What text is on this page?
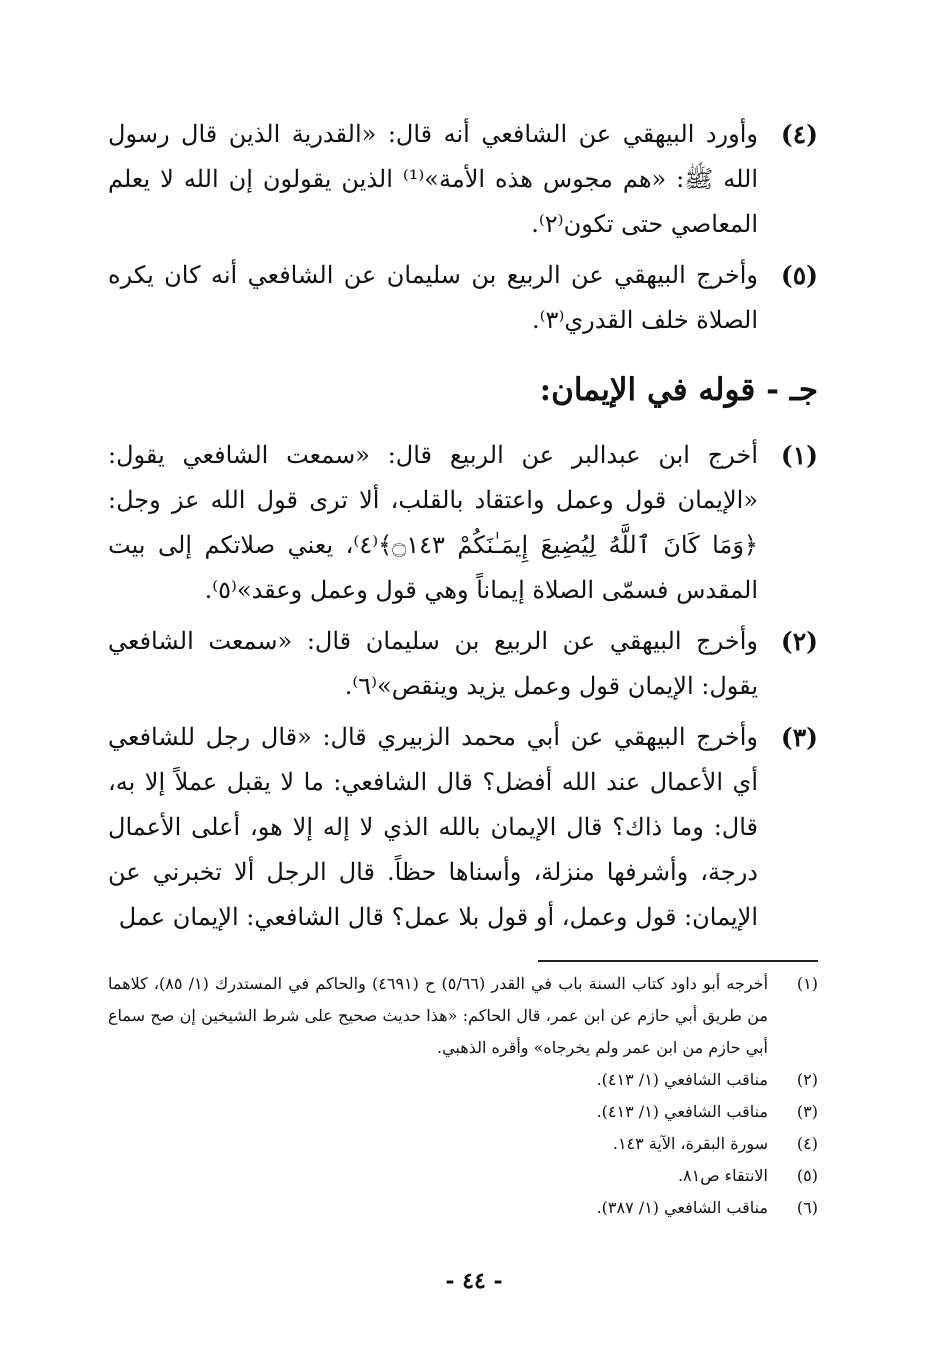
(٤)
وأورد البيهقي عن الشافعي أنه قال: «القدرية الذين قال رسول الله ﷺ: «هم مجوس هذه الأمة»⁽¹⁾ الذين يقولون إن الله لا يعلم المعاصي حتى تكون⁽٢⁾.
(٥)
وأخرج البيهقي عن الربيع بن سليمان عن الشافعي أنه كان يكره الصلاة خلف القدري⁽٣⁾.
جـ - قوله في الإيمان:
(١)
أخرج ابن عبدالبر عن الربيع قال: «سمعت الشافعي يقول: «الإيمان قول وعمل واعتقاد بالقلب، ألا ترى قول الله عز وجل: ﴿وَمَا كَانَ ٱللَّهُ لِيُضِيعَ إِيمَـٰنَكُمْ ۝١٤٣﴾⁽٤⁾، يعني صلاتكم إلى بيت المقدس فسمّى الصلاة إيماناً وهي قول وعمل وعقد»⁽٥⁾.
(٢)
وأخرج البيهقي عن الربيع بن سليمان قال: «سمعت الشافعي يقول: الإيمان قول وعمل يزيد وينقص»⁽٦⁾.
(٣)
وأخرج البيهقي عن أبي محمد الزبيري قال: «قال رجل للشافعي أي الأعمال عند الله أفضل؟ قال الشافعي: ما لا يقبل عملاً إلا به، قال: وما ذاك؟ قال الإيمان بالله الذي لا إله إلا هو، أعلى الأعمال درجة، وأشرفها منزلة، وأسناها حظاً. قال الرجل ألا تخبرني عن الإيمان: قول وعمل، أو قول بلا عمل؟ قال الشافعي: الإيمان عمل
(١)
أخرجه أبو داود كتاب السنة باب في القدر (٥/٦٦) ح (٤٦٩١) والحاكم في المستدرك (١/ ٨٥)، كلاهما من طريق أبي حازم عن ابن عمر، قال الحاكم: «هذا حديث صحيح على شرط الشيخين إن صح سماع أبي حازم من ابن عمر ولم يخرجاه» وأقره الذهبي.
(٢)
مناقب الشافعي (١/ ٤١٣).
(٣)
مناقب الشافعي (١/ ٤١٣).
(٤)
سورة البقرة، الآية ١٤٣.
(٥)
الانتقاء ص٨١.
(٦)
مناقب الشافعي (١/ ٣٨٧).
- ٤٤ -
